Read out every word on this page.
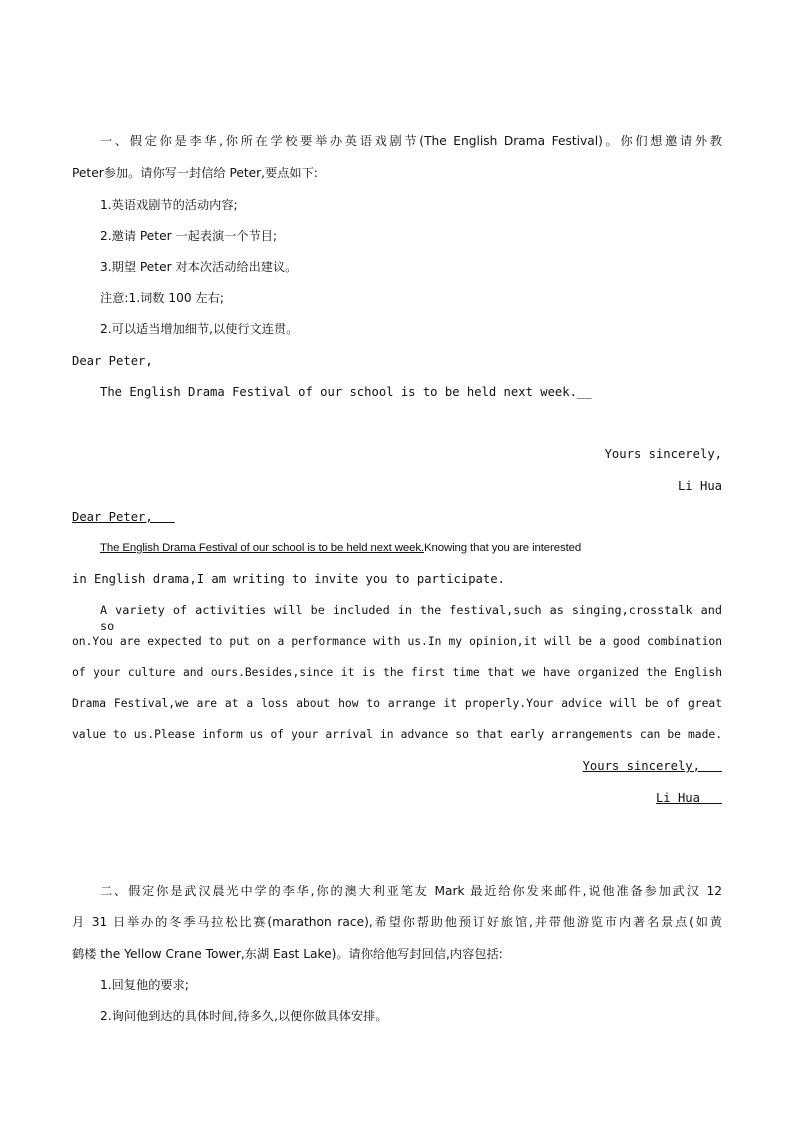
一、假定你是李华,你所在学校要举办英语戏剧节(The English Drama Festival)。你们想邀请外教
Peter参加。请你写一封信给 Peter,要点如下:
1.英语戏剧节的活动内容;
2.邀请 Peter 一起表演一个节目;
3.期望 Peter 对本次活动给出建议。
注意:1.词数 100 左右;
2.可以适当增加细节,以使行文连贯。
Dear Peter,
The English Drama Festival of our school is to be held next week.__
Yours sincerely,
Li Hua
Dear Peter,
The English Drama Festival of our school is to be held next week.Knowing that you are interested
in English drama,I am writing to invite you to participate.
A variety of activities will be included in the festival,such as singing,crosstalk and so
on.You are expected to put on a performance with us.In my opinion,it will be a good combination
of your culture and ours.Besides,since it is the first time that we have organized the English
Drama Festival,we are at a loss about how to arrange it properly.Your advice will be of great
value to us.Please inform us of your arrival in advance so that early arrangements can be made.
Yours sincerely,
Li Hua
二、假定你是武汉晨光中学的李华,你的澳大利亚笔友 Mark 最近给你发来邮件,说他准备参加武汉 12
月 31 日举办的冬季马拉松比赛(marathon race),希望你帮助他预订好旅馆,并带他游览市内著名景点(如黄
鹤楼 the Yellow Crane Tower,东湖 East Lake)。请你给他写封回信,内容包括:
1.回复他的要求;
2.询问他到达的具体时间,待多久,以便你做具体安排。
